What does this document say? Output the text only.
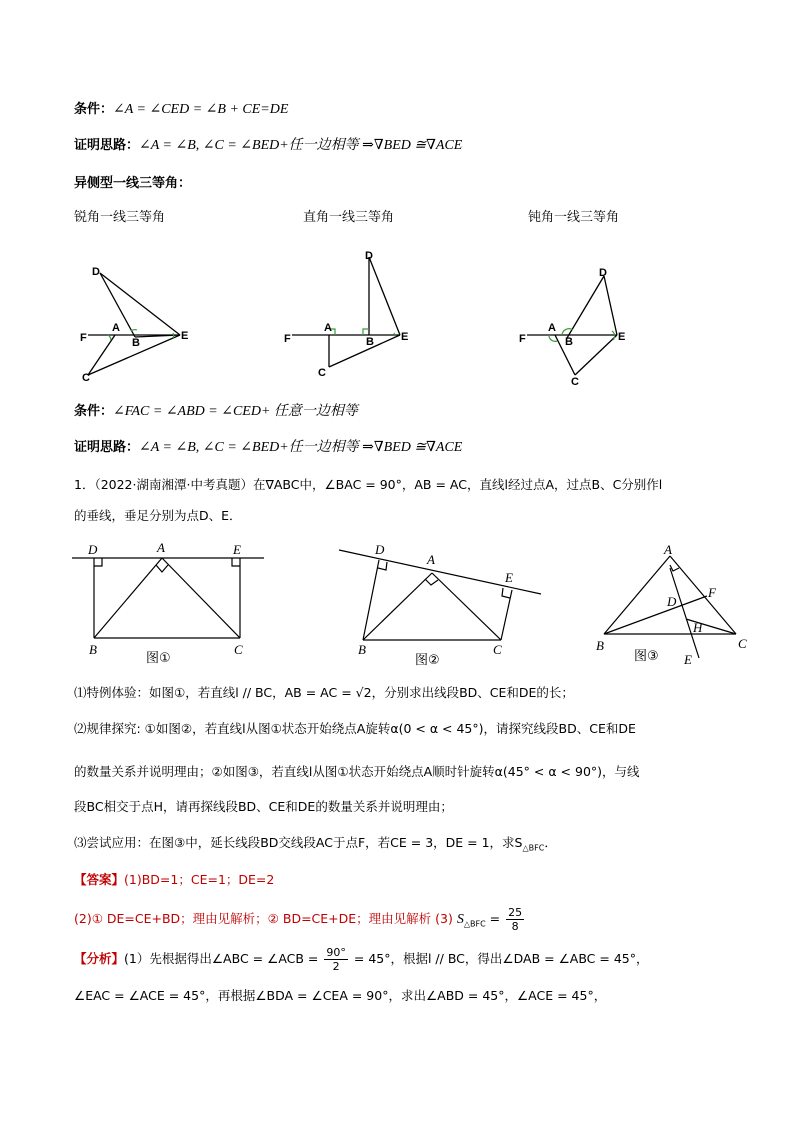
条件：∠A = ∠CED = ∠B + CE=DE
证明思路：∠A = ∠B, ∠C = ∠BED+任一边相等 ⇒∇BED ≅∇ACE
异侧型一线三等角：
锐角一线三等角	直角一线三等角	钝角一线三等角
D
A
F	B
E
C
D
A
F	B E
C
D
A
F	B	E
C
条件：∠FAC = ∠ABD = ∠CED+ 任意一边相等
证明思路：∠A = ∠B, ∠C = ∠BED+任一边相等 ⇒∇BED ≅∇ACE
1．（2022·湖南湘潭·中考真题）在∇ABC中，∠BAC = 90°，AB = AC，直线l经过点A，过点B、C分别作l
的垂线，垂足分别为点D、E．
D	A	E
B	C
图①
D
A
E
B	C
图②
A
D
F
H
B	C
E
图③
⑴特例体验：如图①，若直线l // BC，AB = AC = √2，分别求出线段BD、CE和DE的长；
⑵规律探究: ①如图②，若直线l从图①状态开始绕点A旋转α(0 < α < 45°)，请探究线段BD、CE和DE
的数量关系并说明理由；②如图③，若直线l从图①状态开始绕点A顺时针旋转α(45° < α < 90°)，与线
段BC相交于点H，请再探线段BD、CE和DE的数量关系并说明理由；
⑶尝试应用：在图③中，延长线段BD交线段AC于点F，若CE = 3，DE = 1，求$S_{\triangle BFC}$．
【答案】(1)BD=1；CE=1；DE=2
(2)① DE=CE+BD；理由见解析；② BD=CE+DE；理由见解析 (3) $S_{\triangle BFC} = \frac{25}{8}$
【分析】(1）先根据得出∠ABC = ∠ACB = $\frac{90^\circ}{2} = 45^\circ$，根据l // BC，得出∠DAB = ∠ABC = 45°，
∠EAC = ∠ACE = 45°，再根据∠BDA = ∠CEA = 90°，求出∠ABD = 45°，∠ACE = 45°，
